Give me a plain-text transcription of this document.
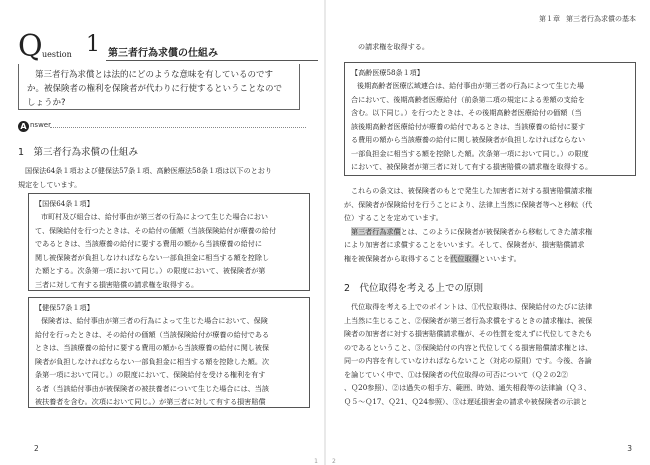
Q uestion 1 第三者行為求償の仕組み
第三者行為求償とは法的にどのような意味を有しているのです
か。被保険者の権利を保険者が代わりに行使するということなので
しょうか?
A nswer
1　第三者行為求償の仕組み
国保法64条１項および健保法57条１項、高齢医療法58条１項は以下のとおり
規定をしています。
【国保64条１項】
市町村及び組合は、給付事由が第三者の行為によつて生じた場合におい
て、保険給付を行つたときは、その給付の価額（当該保険給付が療養の給付
であるときは、当該療養の給付に要する費用の額から当該療養の給付に
関し被保険者が負担しなければならない一部負担金に相当する額を控除し
た額とする。次条第一項において同じ。）の限度において、被保険者が第
三者に対して有する損害賠償の請求権を取得する。
【健保57条１項】
保険者は、給付事由が第三者の行為によって生じた場合において、保険
給付を行ったときは、その給付の価額（当該保険給付が療養の給付である
ときは、当該療養の給付に要する費用の額から当該療養の給付に関し被保
険者が負担しなければならない一部負担金に相当する額を控除した額。次
条第一項において同じ。）の限度において、保険給付を受ける権利を有す
る者（当該給付事由が被保険者の被扶養者について生じた場合には、当該
被扶養者を含む。次項において同じ。）が第三者に対して有する損害賠償
2
1
第１章 第三者行為求償の基本
の請求権を取得する。
【高齢医療58条１項】
後期高齢者医療広域連合は、給付事由が第三者の行為によつて生じた場
合において、後期高齢者医療給付（前条第二項の規定による差額の支給を
含む。以下同じ。）を行つたときは、その後期高齢者医療給付の価額（当
該後期高齢者医療給付が療養の給付であるときは、当該療養の給付に要す
る費用の額から当該療養の給付に関し被保険者が負担しなければならない
一部負担金に相当する額を控除した額。次条第一項において同じ。）の限度
において、被保険者が第三者に対して有する損害賠償の請求権を取得する。
これらの条文は、被保険者のもとで発生した加害者に対する損害賠償請求権
が、保険者が保険給付を行うことにより、法律上当然に保険者等へと移転（代
位）することを定めています。
第三者行為求償とは、このように保険者が被保険者から移転してきた請求権
により加害者に求償することをいいます。そして、保険者が、損害賠償請求
権を被保険者から取得することを代位取得といいます。
2　代位取得を考える上での原則
代位取得を考える上でのポイントは、①代位取得は、保険給付のたびに法律
上当然に生じること、②保険者が第三者行為求償をするときの請求権は、被保
険者の加害者に対する損害賠償請求権が、その性質を変えずに代位してきたも
のであるということ、③保険給付の内容と代位してくる損害賠償請求権とは、
同一の内容を有していなければならないこと（対応の原則）です。今後、各論
を論じていく中で、①は保険者の代位取得の可否について（Ｑ２の2②
、Ｑ20参照）、②は過失の相手方、範囲、時効、通失相殺等の法律論（Ｑ３、
Ｑ５～Ｑ17、Ｑ21、Ｑ24参照）、③は遅延損害金の請求や被保険者の示談と
3
2
